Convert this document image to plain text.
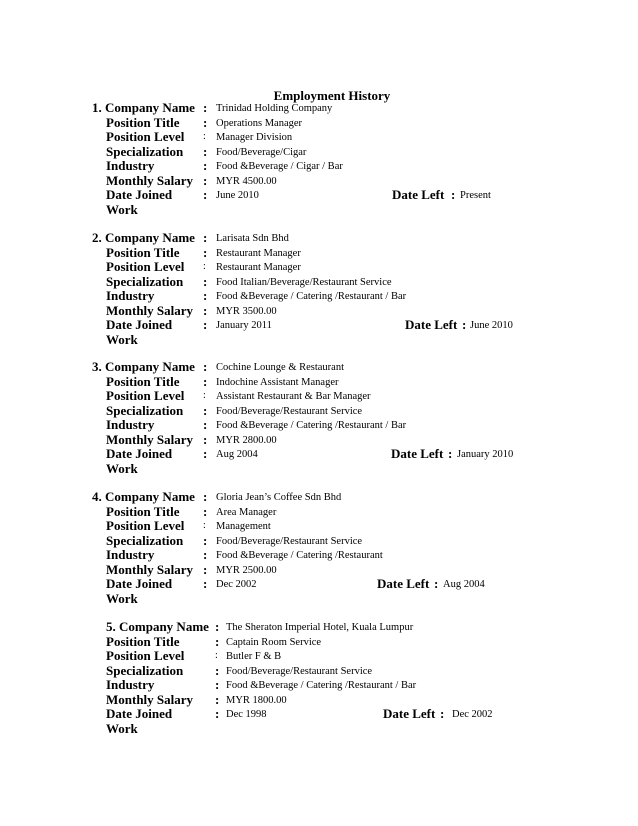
Employment History
1. Company Name : Trinidad Holding Company
Position Title : Operations Manager
Position Level : Manager Division
Specialization : Food/Beverage/Cigar
Industry	: Food &Beverage / Cigar / Bar
Monthly Salary : MYR 4500.00
Date Joined : June 2010	Date Left : Present
Work
2. Company Name : Larisata Sdn Bhd
Position Title : Restaurant Manager
Position Level : Restaurant Manager
Specialization : Food Italian/Beverage/Restaurant Service
Industry	: Food &Beverage / Catering /Restaurant / Bar
Monthly Salary : MYR 3500.00
Date Joined : January 2011	Date Left : June 2010
Work
3. Company Name : Cochine Lounge & Restaurant
Position Title : Indochine Assistant Manager
Position Level : Assistant Restaurant & Bar Manager
Specialization : Food/Beverage/Restaurant Service
Industry	: Food &Beverage / Catering /Restaurant / Bar
Monthly Salary : MYR 2800.00
Date Joined : Aug 2004	Date Left : January 2010
Work
4. Company Name : Gloria Jean’s Coffee Sdn Bhd
Position Title : Area Manager
Position Level : Management
Specialization : Food/Beverage/Restaurant Service
Industry	: Food &Beverage / Catering /Restaurant
Monthly Salary : MYR 2500.00
Date Joined : Dec 2002	Date Left : Aug 2004
Work
5. Company Name : The Sheraton Imperial Hotel, Kuala Lumpur
Position Title	: Captain Room Service
Position Level	: Butler F & B
Specialization : Food/Beverage/Restaurant Service
Industry	: Food &Beverage / Catering /Restaurant / Bar
Monthly Salary : MYR 1800.00
Date Joined	: Dec 1998	Date Left : Dec 2002
Work
